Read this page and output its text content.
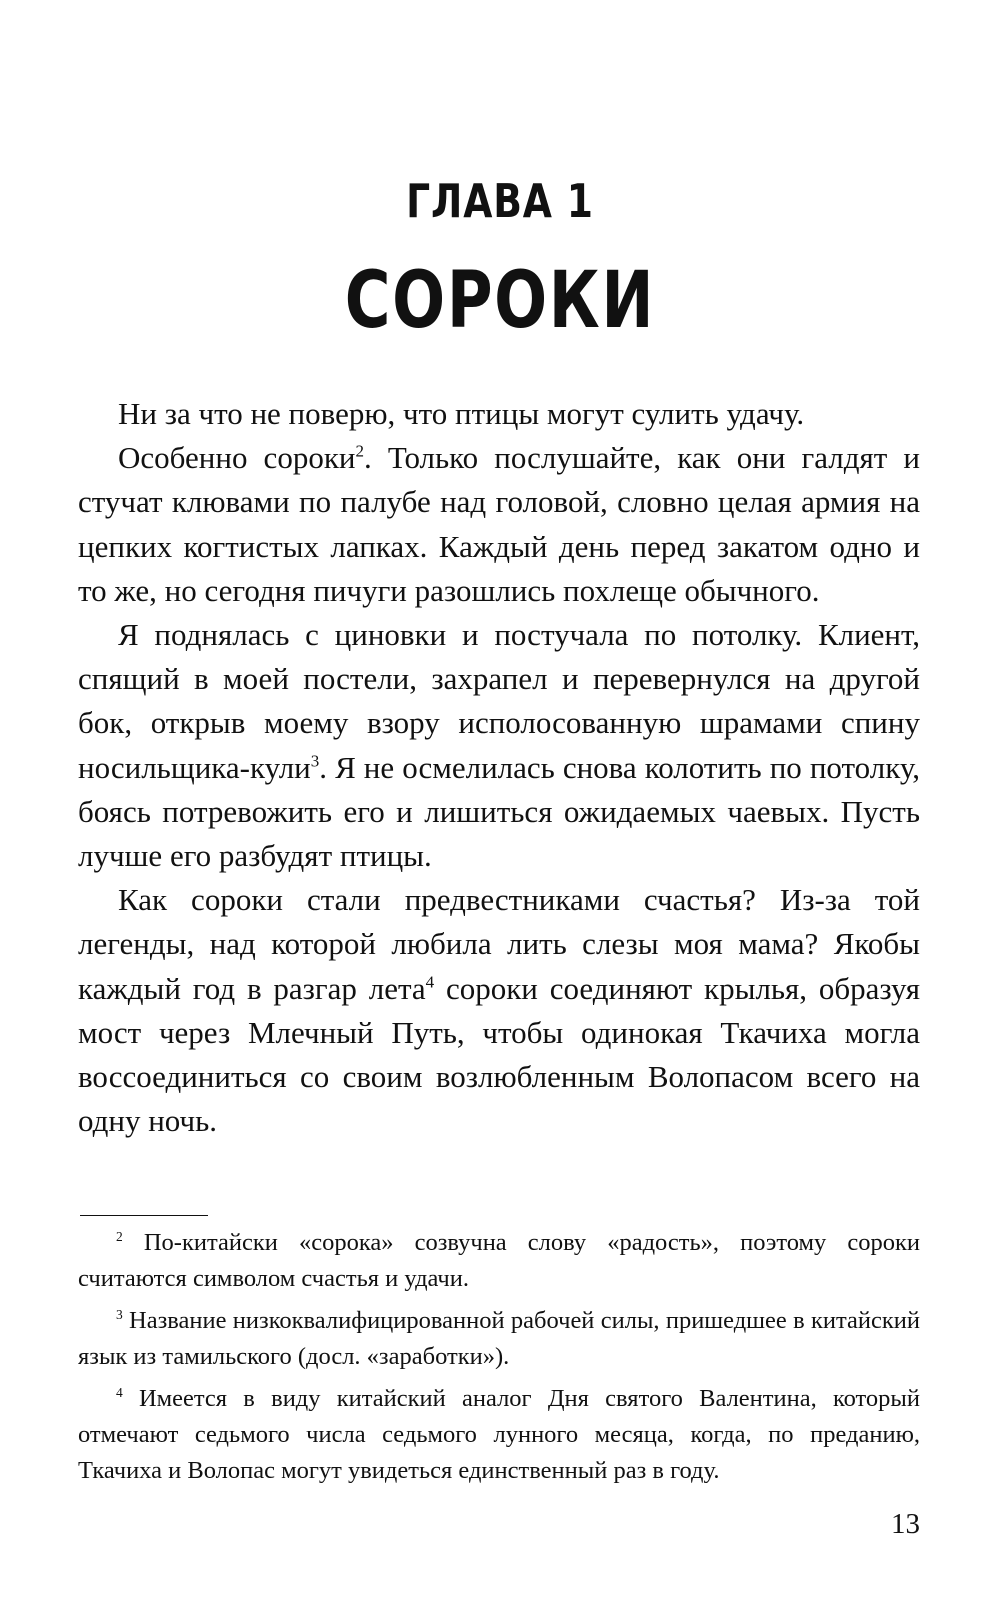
ГЛАВА 1
СОРОКИ

Ни за что не поверю, что птицы могут сулить удачу.

Особенно сороки$^2$. Только послушайте, как они галдят и стучат клювами по палубе над головой, словно целая армия на цепких когтистых лапках. Каждый день перед закатом одно и то же, но сегодня пичуги разошлись похлеще обычного.

Я поднялась с циновки и постучала по потолку. Клиент, спящий в моей постели, захрапел и перевернулся на другой бок, открыв моему взору исполосованную шрамами спину носильщика-кули$^3$. Я не осмелилась снова колотить по потолку, боясь потревожить его и лишиться ожидаемых чаевых. Пусть лучше его разбудят птицы.

Как сороки стали предвестниками счастья? Из-за той легенды, над которой любила лить слезы моя мама? Якобы каждый год в разгар лета$^4$ сороки соединяют крылья, образуя мост через Млечный Путь, чтобы одинокая Ткачиха могла воссоединиться со своим возлюбленным Волопасом всего на одну ночь.

$^2$ По-китайски «сорока» созвучна слову «радость», поэтому сороки считаются символом счастья и удачи.

$^3$ Название низкоквалифицированной рабочей силы, пришедшее в китайский язык из тамильского (досл. «заработки»).

$^4$ Имеется в виду китайский аналог Дня святого Валентина, который отмечают седьмого числа седьмого лунного месяца, когда, по преданию, Ткачиха и Волопас могут увидеться единственный раз в году.

13
